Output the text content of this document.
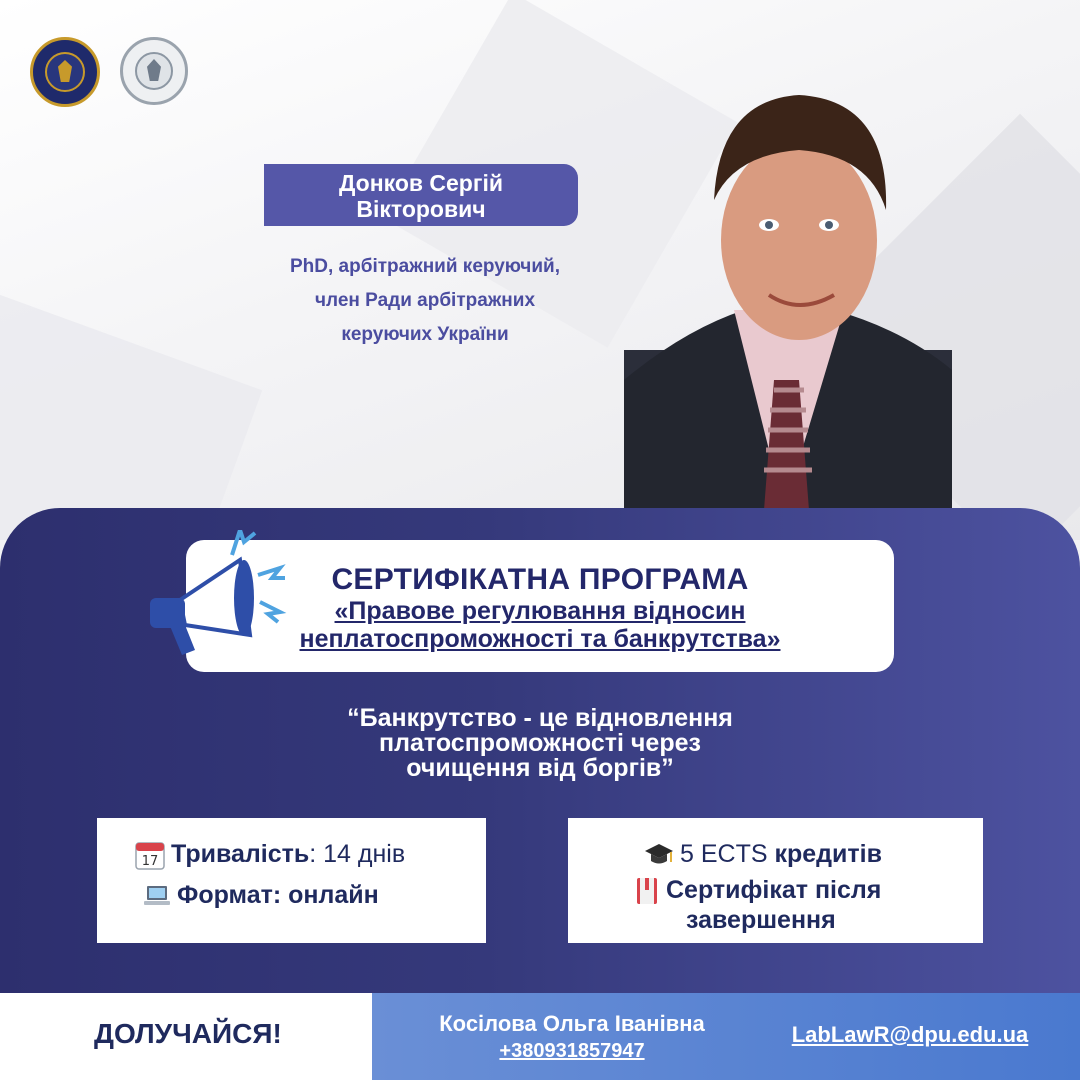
Донков Сергій
Вікторович
PhD, арбітражний керуючий,
член Ради арбітражних
керуючих України
СЕРТИФІКАТНА ПРОГРАМА
«Правове регулювання відносин
неплатоспроможності та банкрутства»
“Банкрутство - це відновлення
платоспроможності через
очищення від боргів”
17 Тривалість: 14 днів
Формат: онлайн
5 ECTS кредитів
Сертифікат після
завершення
ДОЛУЧАЙСЯ!	Косілова Ольга Іванівна
+380931857947
LabLawR@dpu.edu.ua
